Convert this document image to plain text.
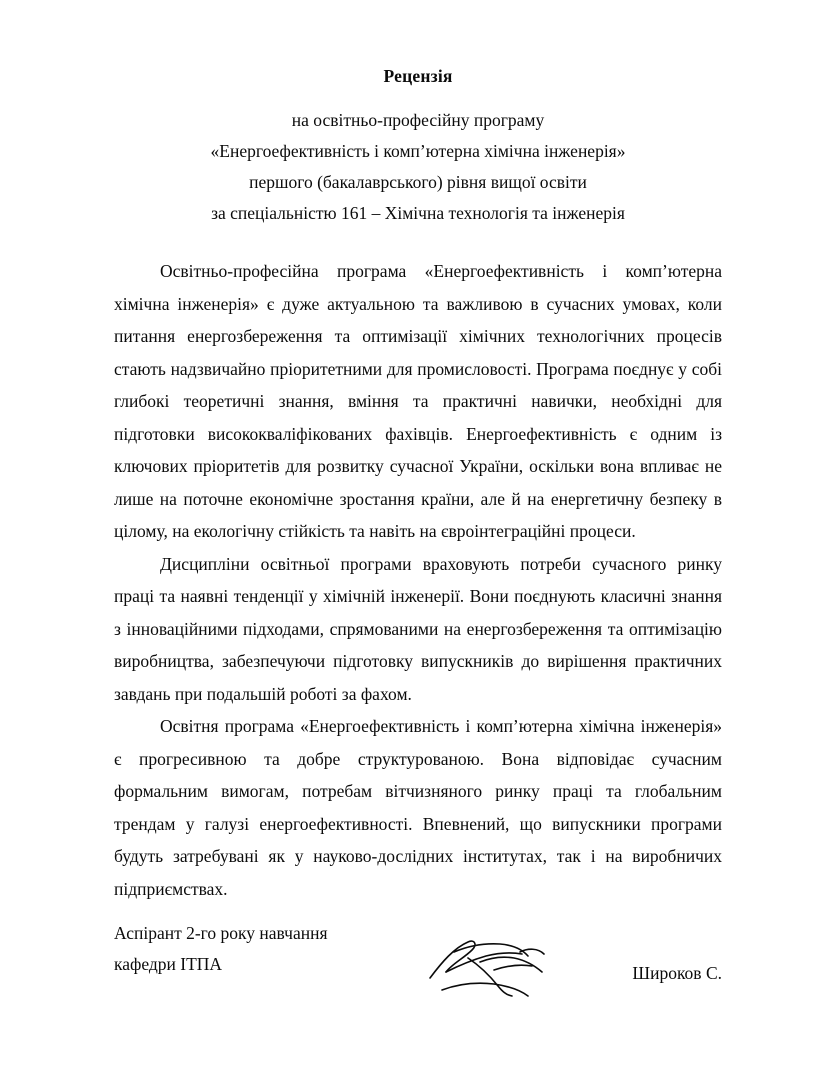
Рецензія

на освітньо-професійну програму

«Енергоефективність і комп’ютерна хімічна інженерія»

першого (бакалаврського) рівня вищої освіти

за спеціальністю 161 – Хімічна технологія та інженерія

Освітньо-професійна програма «Енергоефективність і комп’ютерна хімічна інженерія» є дуже актуальною та важливою в сучасних умовах, коли питання енергозбереження та оптимізації хімічних технологічних процесів стають надзвичайно пріоритетними для промисловості. Програма поєднує у собі глибокі теоретичні знання, вміння та практичні навички, необхідні для підготовки висококваліфікованих фахівців. Енергоефективність є одним із ключових пріоритетів для розвитку сучасної України, оскільки вона впливає не лише на поточне економічне зростання країни, але й на енергетичну безпеку в цілому, на екологічну стійкість та навіть на євроінтеграційні процеси.

Дисципліни освітньої програми враховують потреби сучасного ринку праці та наявні тенденції у хімічній інженерії. Вони поєднують класичні знання з інноваційними підходами, спрямованими на енергозбереження та оптимізацію виробництва, забезпечуючи підготовку випускників до вирішення практичних завдань при подальшій роботі за фахом.

Освітня програма «Енергоефективність і комп’ютерна хімічна інженерія» є прогресивною та добре структурованою. Вона відповідає сучасним формальним вимогам, потребам вітчизняного ринку праці та глобальним трендам у галузі енергоефективності. Впевнений, що випускники програми будуть затребувані як у науково-дослідних інститутах, так і на виробничих підприємствах.

Аспірант 2-го року навчання
кафедри ІТПА	Широков С.
